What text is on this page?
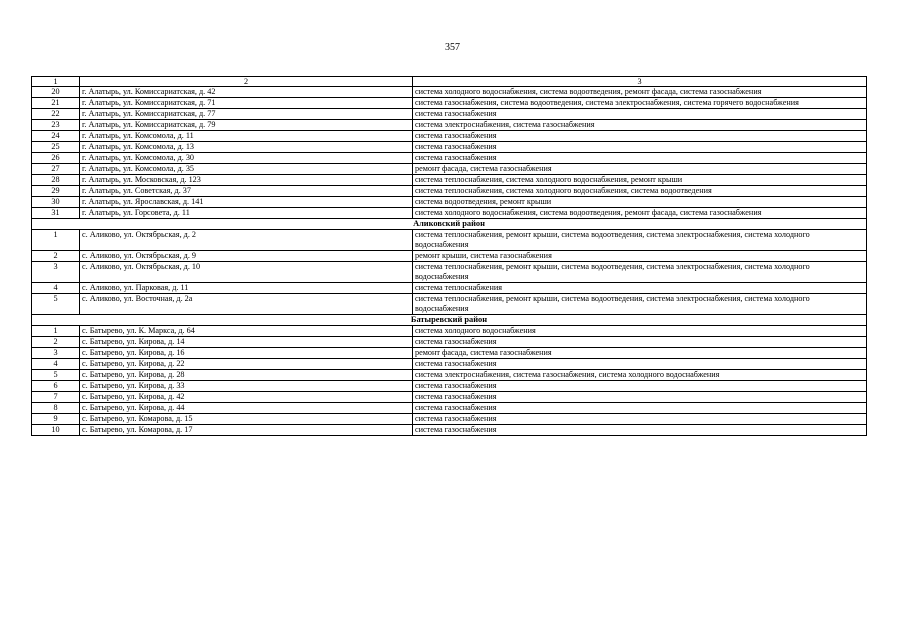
357
1	2	3
20	г. Алатырь, ул. Комиссариатская, д. 42	система холодного водоснабжения, система водоотведения, ремонт фасада, система газоснабжения
21	г. Алатырь, ул. Комиссариатская, д. 71	система газоснабжения, система водоотведения, система электроснабжения, система горячего водоснабжения
22	г. Алатырь, ул. Комиссариатская, д. 77	система газоснабжения
23	г. Алатырь, ул. Комиссариатская, д. 79	система электроснабжения, система газоснабжения
24	г. Алатырь, ул. Комсомола, д. 11	система газоснабжения
25	г. Алатырь, ул. Комсомола, д. 13	система газоснабжения
26	г. Алатырь, ул. Комсомола, д. 30	система газоснабжения
27	г. Алатырь, ул. Комсомола, д. 35	ремонт фасада, система газоснабжения
28	г. Алатырь, ул. Московская, д. 123	система теплоснабжения, система холодного водоснабжения, ремонт крыши
29	г. Алатырь, ул. Советская, д. 37	система теплоснабжения, система холодного водоснабжения, система водоотведения
30	г. Алатырь, ул. Ярославская, д. 141	система водоотведения, ремонт крыши
31	г. Алатырь, ул. Горсовета, д. 11	система холодного водоснабжения, система водоотведения, ремонт фасада, система газоснабжения
Аликовский район		
1	с. Аликово, ул. Октябрьская, д. 2	система теплоснабжения, ремонт крыши, система водоотведения, система электроснабжения, система холодного водоснабжения
2	с. Аликово, ул. Октябрьская, д. 9	ремонт крыши, система газоснабжения
3	с. Аликово, ул. Октябрьская, д. 10	система теплоснабжения, ремонт крыши, система водоотведения, система электроснабжения, система холодного водоснабжения
4	с. Аликово, ул. Парковая, д. 11	система теплоснабжения
5	с. Аликово, ул. Восточная, д. 2а	система теплоснабжения, ремонт крыши, система водоотведения, система электроснабжения, система холодного водоснабжения
Батыревский район		
1	с. Батырево, ул. К. Маркса, д. 64	система холодного водоснабжения
2	с. Батырево, ул. Кирова, д. 14	система газоснабжения
3	с. Батырево, ул. Кирова, д. 16	ремонт фасада, система газоснабжения
4	с. Батырево, ул. Кирова, д. 22	система газоснабжения
5	с. Батырево, ул. Кирова, д. 28	система электроснабжения, система газоснабжения, система холодного водоснабжения
6	с. Батырево, ул. Кирова, д. 33	система газоснабжения
7	с. Батырево, ул. Кирова, д. 42	система газоснабжения
8	с. Батырево, ул. Кирова, д. 44	система газоснабжения
9	с. Батырево, ул. Комарова, д. 15	система газоснабжения
10	с. Батырево, ул. Комарова, д. 17	система газоснабжения
